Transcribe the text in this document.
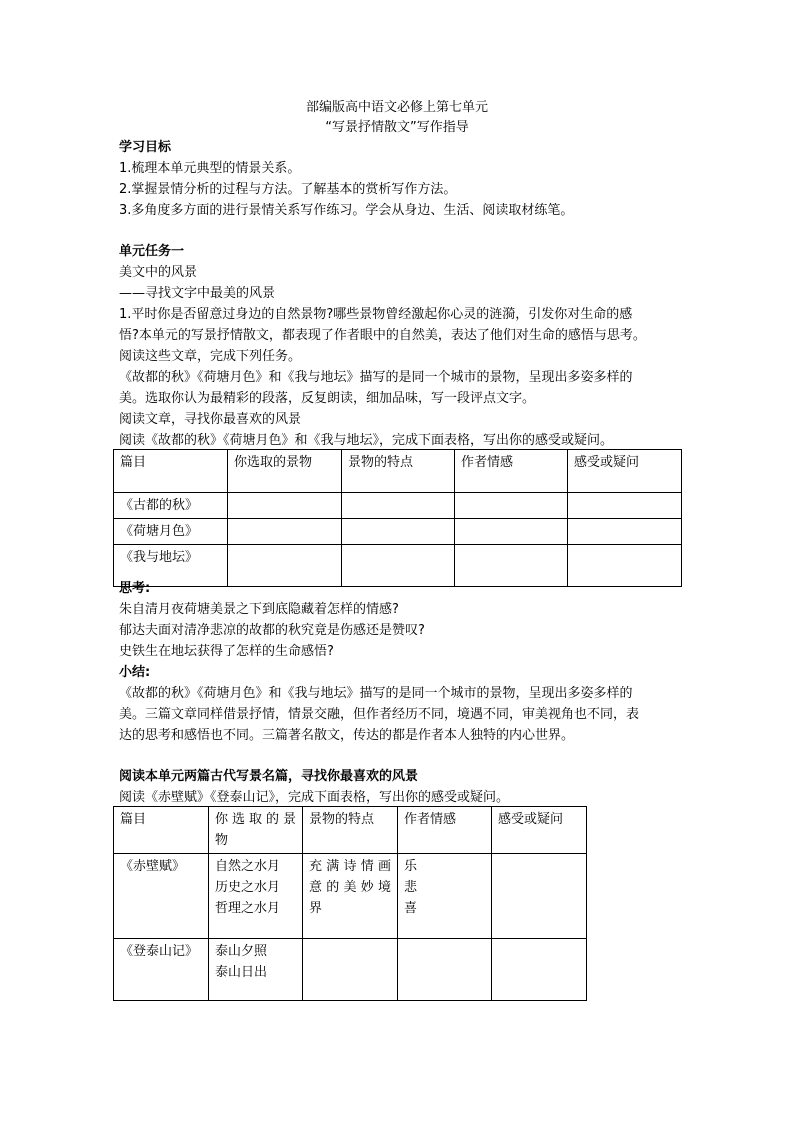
部编版高中语文必修上第七单元

“写景抒情散文”写作指导

学习目标

1.梳理本单元典型的情景关系。

2.掌握景情分析的过程与方法。了解基本的赏析写作方法。

3.多角度多方面的进行景情关系写作练习。学会从身边、生活、阅读取材练笔。

单元任务一

美文中的风景

——寻找文字中最美的风景

1.平时你是否留意过身边的自然景物?哪些景物曾经激起你心灵的涟漪，引发你对生命的感

悟?本单元的写景抒情散文，都表现了作者眼中的自然美，表达了他们对生命的感悟与思考。

阅读这些文章，完成下列任务。

《故都的秋》《荷塘月色》和《我与地坛》描写的是同一个城市的景物，呈现出多姿多样的

美。选取你认为最精彩的段落，反复朗读，细加品味，写一段评点文字。

阅读文章，寻找你最喜欢的风景

阅读《故都的秋》《荷塘月色》和《我与地坛》，完成下面表格，写出你的感受或疑问。

篇目	你选取的景物	景物的特点	作者情感	感受或疑问
《古都的秋》				
《荷塘月色》				
《我与地坛》				

思考:

朱自清月夜荷塘美景之下到底隐藏着怎样的情感?

郁达夫面对清净悲凉的故都的秋究竟是伤感还是赞叹?

史铁生在地坛获得了怎样的生命感悟?

小结:

《故都的秋》《荷塘月色》和《我与地坛》描写的是同一个城市的景物，呈现出多姿多样的

美。三篇文章同样借景抒情，情景交融，但作者经历不同，境遇不同，审美视角也不同，表

达的思考和感悟也不同。三篇著名散文，传达的都是作者本人独特的内心世界。

阅读本单元两篇古代写景名篇，寻找你最喜欢的风景

阅读《赤壁赋》《登泰山记》，完成下面表格，写出你的感受或疑问。

篇目	你选取的景
物	景物的特点	作者情感	感受或疑问
《赤壁赋》	自然之水月
历史之水月
哲理之水月	充满诗情画
意的美妙境
界	乐
悲
喜	

《登泰山记》	泰山夕照
泰山日出			
